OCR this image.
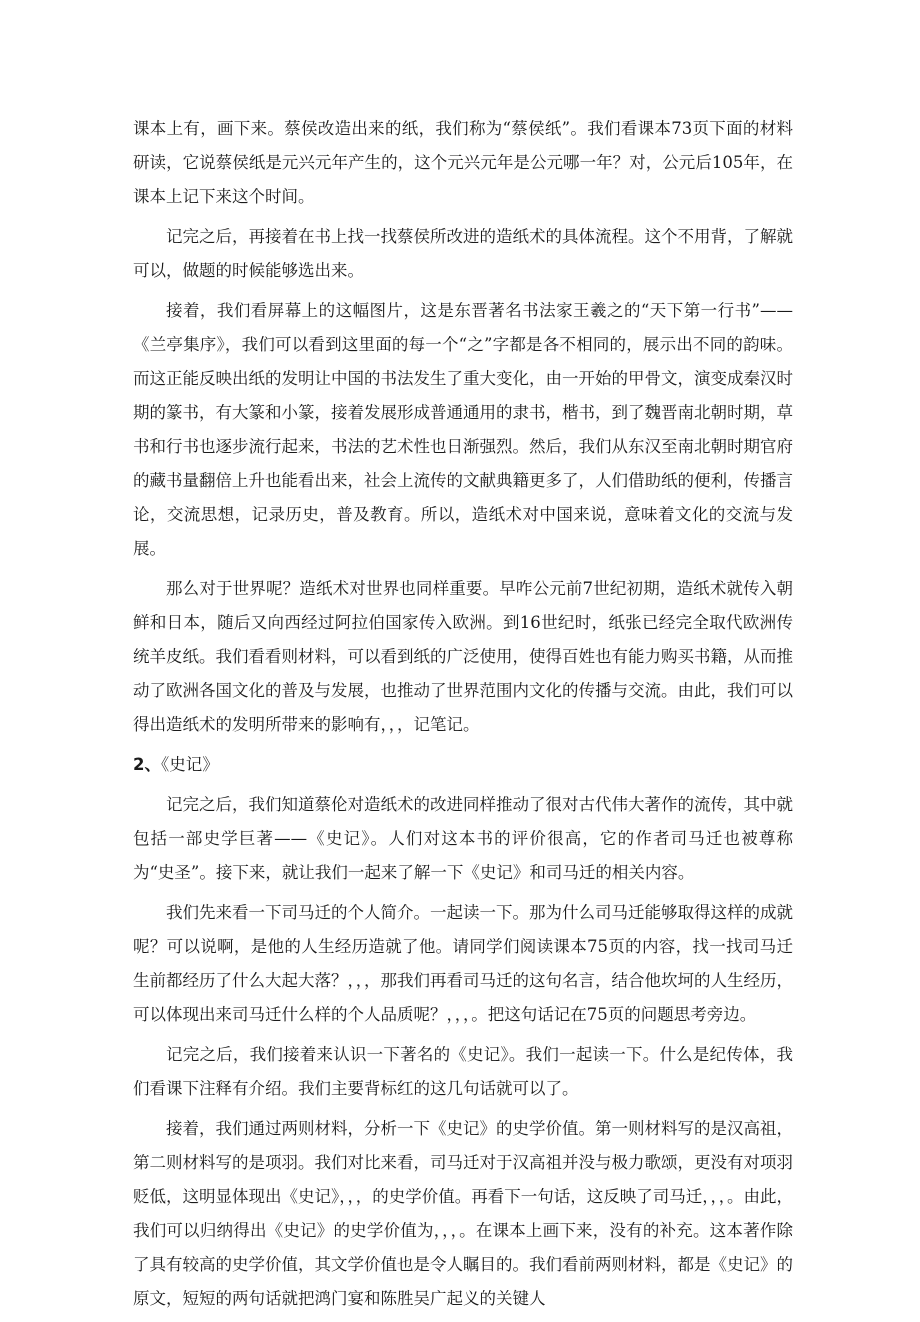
课本上有，画下来。蔡侯改造出来的纸，我们称为“蔡侯纸”。我们看课本73页下面的材料研读，它说蔡侯纸是元兴元年产生的，这个元兴元年是公元哪一年？对，公元后105年，在课本上记下来这个时间。

记完之后，再接着在书上找一找蔡侯所改进的造纸术的具体流程。这个不用背，了解就可以，做题的时候能够选出来。

接着，我们看屏幕上的这幅图片，这是东晋著名书法家王羲之的“天下第一行书”——《兰亭集序》，我们可以看到这里面的每一个“之”字都是各不相同的，展示出不同的韵味。而这正能反映出纸的发明让中国的书法发生了重大变化，由一开始的甲骨文，演变成秦汉时期的篆书，有大篆和小篆，接着发展形成普通通用的隶书，楷书，到了魏晋南北朝时期，草书和行书也逐步流行起来，书法的艺术性也日渐强烈。然后，我们从东汉至南北朝时期官府的藏书量翻倍上升也能看出来，社会上流传的文献典籍更多了，人们借助纸的便利，传播言论，交流思想，记录历史，普及教育。所以，造纸术对中国来说，意味着文化的交流与发展。

那么对于世界呢？造纸术对世界也同样重要。早咋公元前7世纪初期，造纸术就传入朝鲜和日本，随后又向西经过阿拉伯国家传入欧洲。到16世纪时，纸张已经完全取代欧洲传统羊皮纸。我们看看则材料，可以看到纸的广泛使用，使得百姓也有能力购买书籍，从而推动了欧洲各国文化的普及与发展，也推动了世界范围内文化的传播与交流。由此，我们可以得出造纸术的发明所带来的影响有，，，记笔记。

2、《史记》

记完之后，我们知道蔡伦对造纸术的改进同样推动了很对古代伟大著作的流传，其中就包括一部史学巨著——《史记》。人们对这本书的评价很高，它的作者司马迁也被尊称为“史圣”。接下来，就让我们一起来了解一下《史记》和司马迁的相关内容。

我们先来看一下司马迁的个人简介。一起读一下。那为什么司马迁能够取得这样的成就呢？可以说啊，是他的人生经历造就了他。请同学们阅读课本75页的内容，找一找司马迁生前都经历了什么大起大落？，，，那我们再看司马迁的这句名言，结合他坎坷的人生经历，可以体现出来司马迁什么样的个人品质呢？，，，。把这句话记在75页的问题思考旁边。

记完之后，我们接着来认识一下著名的《史记》。我们一起读一下。什么是纪传体，我们看课下注释有介绍。我们主要背标红的这几句话就可以了。

接着，我们通过两则材料，分析一下《史记》的史学价值。第一则材料写的是汉高祖，第二则材料写的是项羽。我们对比来看，司马迁对于汉高祖并没与极力歌颂，更没有对项羽贬低，这明显体现出《史记》，，，的史学价值。再看下一句话，这反映了司马迁，，，。由此，我们可以归纳得出《史记》的史学价值为，，，。在课本上画下来，没有的补充。这本著作除了具有较高的史学价值，其文学价值也是令人瞩目的。我们看前两则材料，都是《史记》的原文，短短的两句话就把鸿门宴和陈胜吴广起义的关键人
